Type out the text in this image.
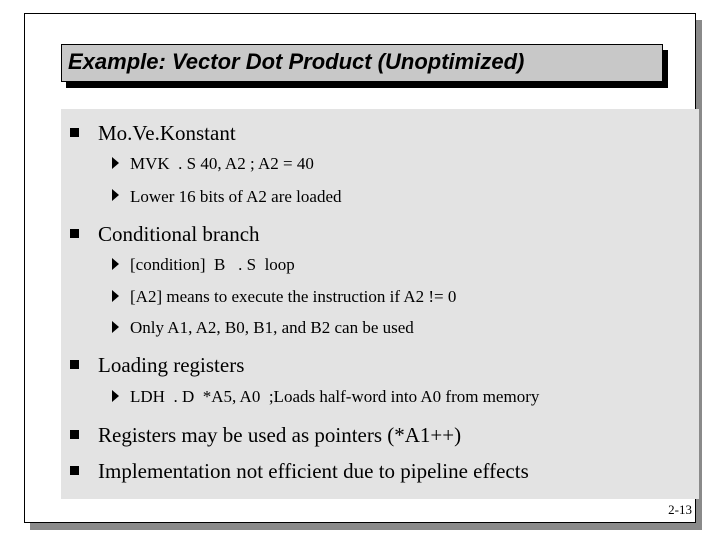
Example: Vector Dot Product (Unoptimized)
Mo.Ve.Konstant
MVK  . S 40, A2 ; A2 = 40
Lower 16 bits of A2 are loaded
Conditional branch
[condition]  B   . S  loop
[A2] means to execute the instruction if A2 != 0
Only A1, A2, B0, B1, and B2 can be used
Loading registers
LDH  . D  *A5, A0  ;Loads half-word into A0 from memory
Registers may be used as pointers (*A1++)
Implementation not efficient due to pipeline effects
2-13
